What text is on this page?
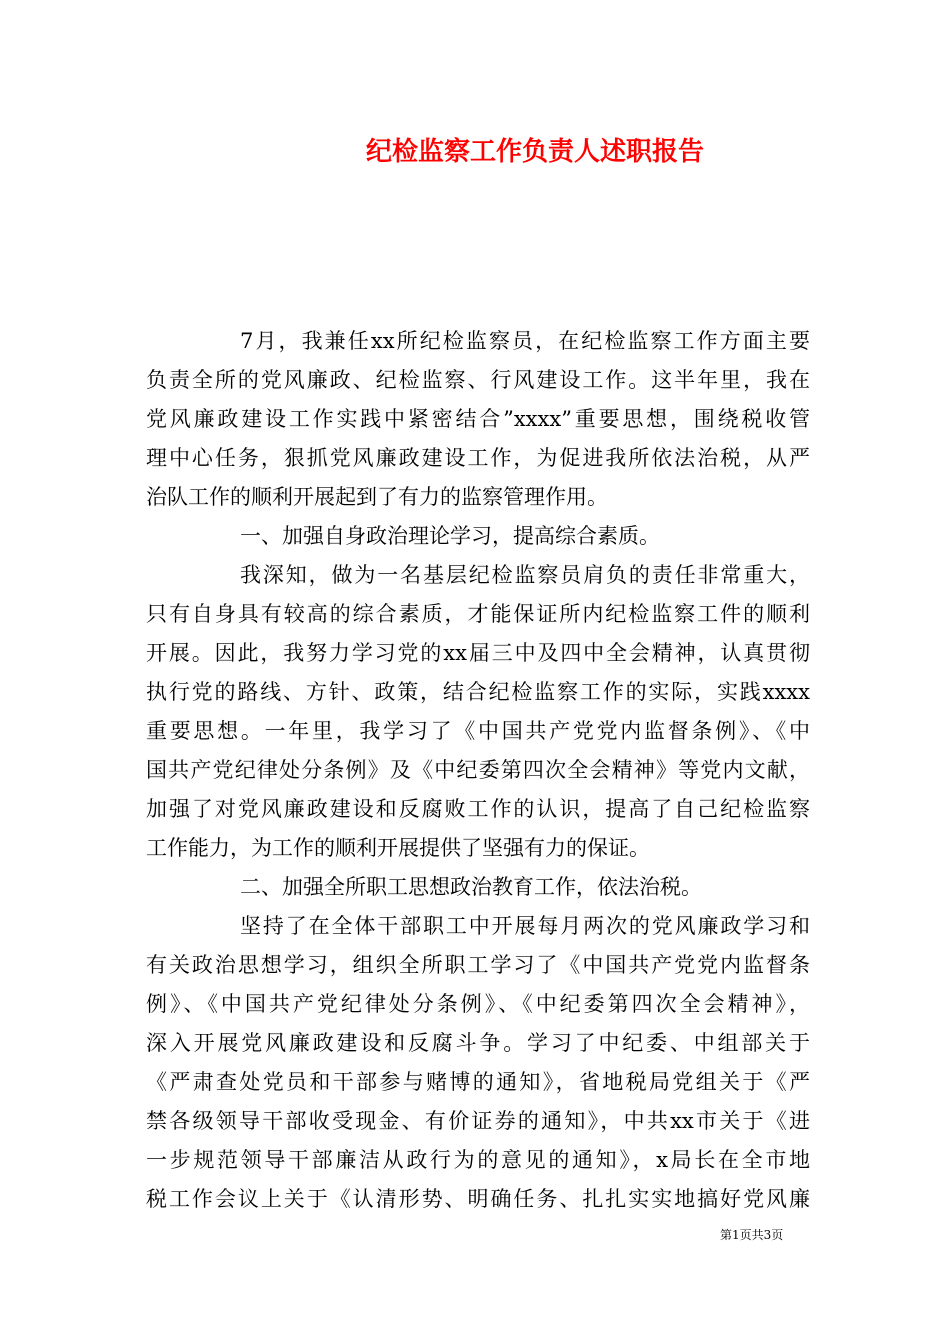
纪检监察工作负责人述职报告
7月，我兼任xx所纪检监察员，在纪检监察工作方面主要
负责全所的党风廉政、纪检监察、行风建设工作。这半年里，我在
党风廉政建设工作实践中紧密结合”xxxx”重要思想，围绕税收管
理中心任务，狠抓党风廉政建设工作，为促进我所依法治税，从严
治队工作的顺利开展起到了有力的监察管理作用。
一、加强自身政治理论学习，提高综合素质。
我深知，做为一名基层纪检监察员肩负的责任非常重大，
只有自身具有较高的综合素质，才能保证所内纪检监察工件的顺利
开展。因此，我努力学习党的xx届三中及四中全会精神，认真贯彻
执行党的路线、方针、政策，结合纪检监察工作的实际，实践xxxx
重要思想。一年里，我学习了《中国共产党党内监督条例》、《中
国共产党纪律处分条例》及《中纪委第四次全会精神》等党内文献，
加强了对党风廉政建设和反腐败工作的认识，提高了自己纪检监察
工作能力，为工作的顺利开展提供了坚强有力的保证。
二、加强全所职工思想政治教育工作，依法治税。
坚持了在全体干部职工中开展每月两次的党风廉政学习和
有关政治思想学习，组织全所职工学习了《中国共产党党内监督条
例》、《中国共产党纪律处分条例》、《中纪委第四次全会精神》，
深入开展党风廉政建设和反腐斗争。学习了中纪委、中组部关于
《严肃查处党员和干部参与赌博的通知》，省地税局党组关于《严
禁各级领导干部收受现金、有价证券的通知》，中共xx市关于《进
一步规范领导干部廉洁从政行为的意见的通知》，x局长在全市地
税工作会议上关于《认清形势、明确任务、扎扎实实地搞好党风廉
第1页共3页
